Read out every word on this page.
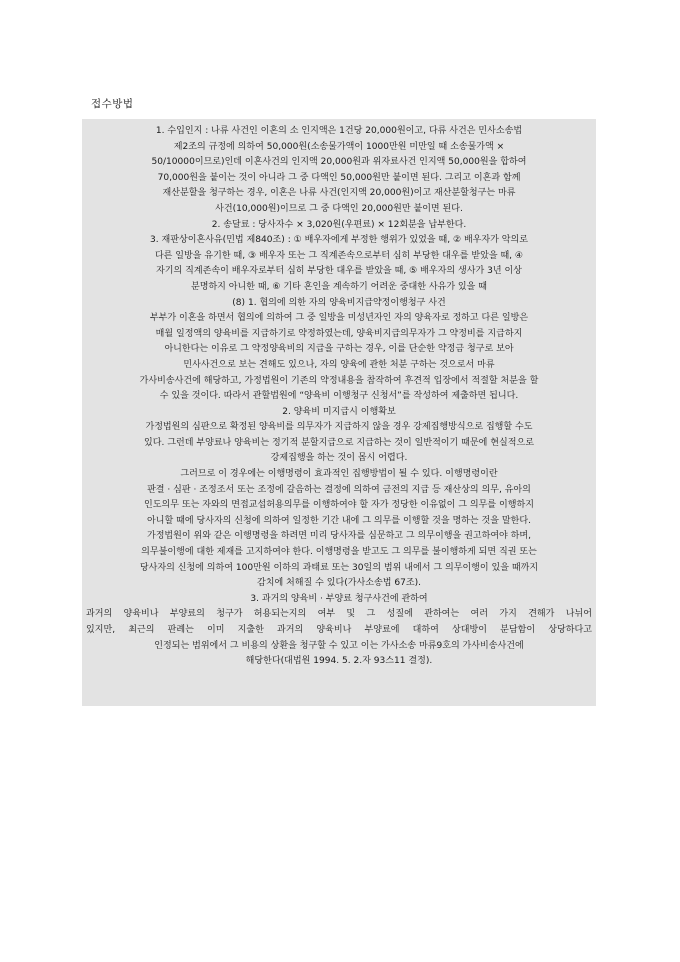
접수방법
1. 수입인지 : 나류 사건인 이혼의 소 인지액은 1건당 20,000원이고, 다류 사건은 민사소송법
제2조의 규정에 의하여 50,000원(소송물가액이 1000만원 미만일 때 소송물가액 ×
50/10000이므로)인데 이혼사건의 인지액 20,000원과 위자료사건 인지액 50,000원을 합하여
70,000원을 붙이는 것이 아니라 그 중 다액인 50,000원만 붙이면 된다. 그리고 이혼과 함께
재산분할을 청구하는 경우, 이혼은 나류 사건(인지액 20,000원)이고 재산분할청구는 마류
사건(10,000원)이므로 그 중 다액인 20,000원만 붙이면 된다.
2. 송달료 : 당사자수 × 3,020원(우편료) × 12회분을 납부한다.
3. 재판상이혼사유(민법 제840조) : ① 배우자에게 부정한 행위가 있었을 때, ② 배우자가 악의로
다른 일방을 유기한 때, ③ 배우자 또는 그 직계존속으로부터 심히 부당한 대우를 받았을 때, ④
자기의 직계존속이 배우자로부터 심히 부당한 대우를 받았을 때, ⑤ 배우자의 생사가 3년 이상
분명하지 아니한 때, ⑥ 기타 혼인을 계속하기 어려운 중대한 사유가 있을 때
(8) 1. 협의에 의한 자의 양육비지급약정이행청구 사건
부부가 이혼을 하면서 협의에 의하여 그 중 일방을 미성년자인 자의 양육자로 정하고 다른 일방은
매월 일정액의 양육비를 지급하기로 약정하였는데, 양육비지급의무자가 그 약정비를 지급하지
아니한다는 이유로 그 약정양육비의 지급을 구하는 경우, 이를 단순한 약정금 청구로 보아
민사사건으로 보는 견해도 있으나, 자의 양육에 관한 처분 구하는 것으로서 마류
가사비송사건에 해당하고, 가정법원이 기존의 약정내용을 참작하여 후견적 입장에서 적절할 처분을 할
수 있을 것이다. 따라서 관할법원에 “양육비 이행청구 신청서”를 작성하여 제출하면 됩니다.
2. 양육비 미지급시 이행확보
가정법원의 심판으로 확정된 양육비를 의무자가 지급하지 않을 경우 강제집행방식으로 집행할 수도
있다. 그런데 부양료나 양육비는 정기적 분할지급으로 지급하는 것이 일반적이기 때문에 현실적으로
강제집행을 하는 것이 몹시 어렵다.
그러므로 이 경우에는 이행명령이 효과적인 집행방법이 될 수 있다. 이행명령이란
판결 · 심판 · 조정조서 또는 조정에 갈음하는 결정에 의하여 금전의 지급 등 재산상의 의무, 유아의
인도의무 또는 자와의 면접교섭허용의무를 이행하여야 할 자가 정당한 이유없이 그 의무를 이행하지
아니할 때에 당사자의 신청에 의하여 일정한 기간 내에 그 의무를 이행할 것을 명하는 것을 말한다.
가정법원이 위와 같은 이행명령을 하려면 미리 당사자를 심문하고 그 의무이행을 권고하여야 하며,
의무불이행에 대한 제재를 고지하여야 한다. 이행명령을 받고도 그 의무를 불이행하게 되면 직권 또는
당사자의 신청에 의하여 100만원 이하의 과태료 또는 30일의 범위 내에서 그 의무이행이 있을 때까지
감치에 처해질 수 있다(가사소송법 67조).
3. 과거의 양육비 · 부양료 청구사건에 관하여
과거의 양육비나 부양료의 청구가 허용되는지의 여부 및 그 성질에 관하여는 여러 가지 견해가 나뉘어
있지만, 최근의 판례는 이미 지출한 과거의 양육비나 부양료에 대하여 상대방이 분담함이 상당하다고
인정되는 범위에서 그 비용의 상환을 청구할 수 있고 이는 가사소송 마류9호의 가사비송사건에
해당한다(대법원 1994. 5. 2.자 93스11 결정).
